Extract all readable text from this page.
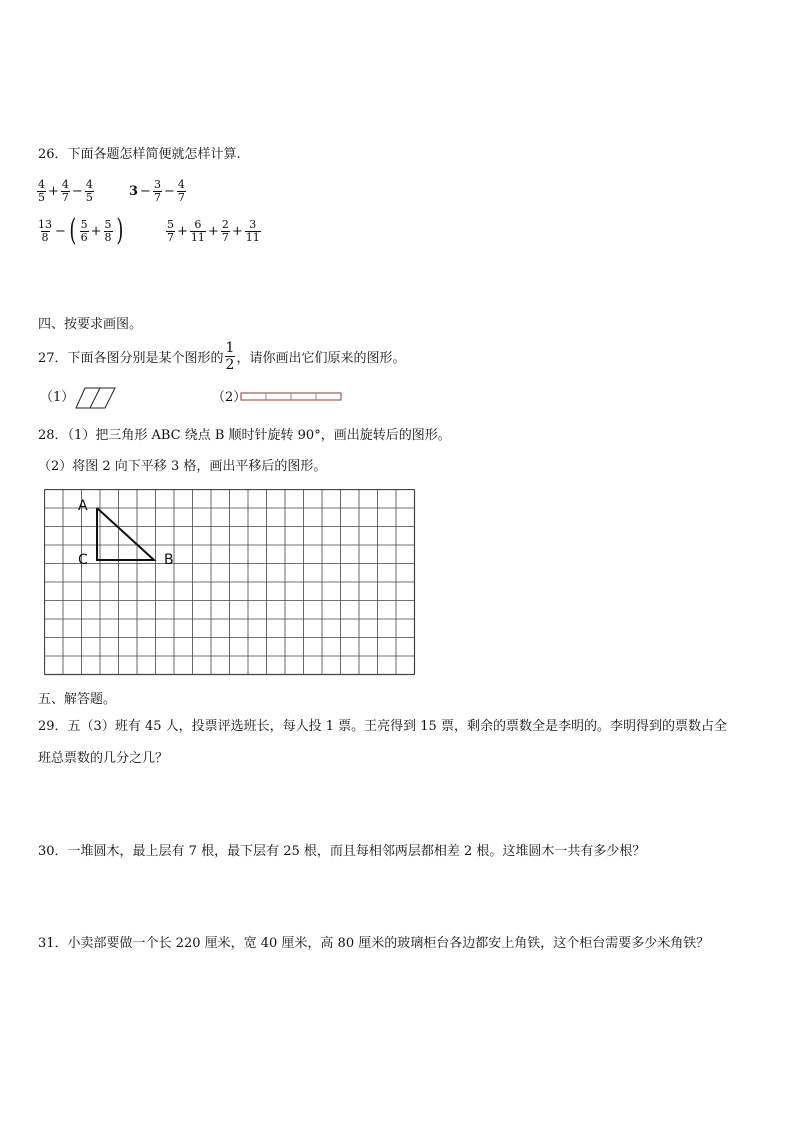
26．下面各题怎样简便就怎样计算.
$\frac{4}{5} + \frac{4}{7} - \frac{4}{5}$	$3 - \frac{3}{7} - \frac{4}{7}$
$\frac{13}{8}$ − ( $\frac{5}{6} + \frac{5}{8}$ )	$\frac{5}{7} + \frac{6}{11} + \frac{2}{7} + \frac{3}{11}$
四、按要求画图。
27．下面各图分别是某个图形的 $\frac{1}{2}$ ，请你画出它们原来的图形。
（1）	（2）
28．（1）把三角形 ABC 绕点 B 顺时针旋转 90°，画出旋转后的图形。
（2）将图 2 向下平移 3 格，画出平移后的图形。
A
C	B
五、解答题。
29．五（3）班有 45 人，投票评选班长，每人投 1 票。王亮得到 15 票，剩余的票数全是李明的。李明得到的票数占全
班总票数的几分之几？
30．一堆圆木，最上层有 7 根，最下层有 25 根，而且每相邻两层都相差 2 根。这堆圆木一共有多少根？
31．小卖部要做一个长 220 厘米，宽 40 厘米，高 80 厘米的玻璃柜台各边都安上角铁，这个柜台需要多少米角铁？
